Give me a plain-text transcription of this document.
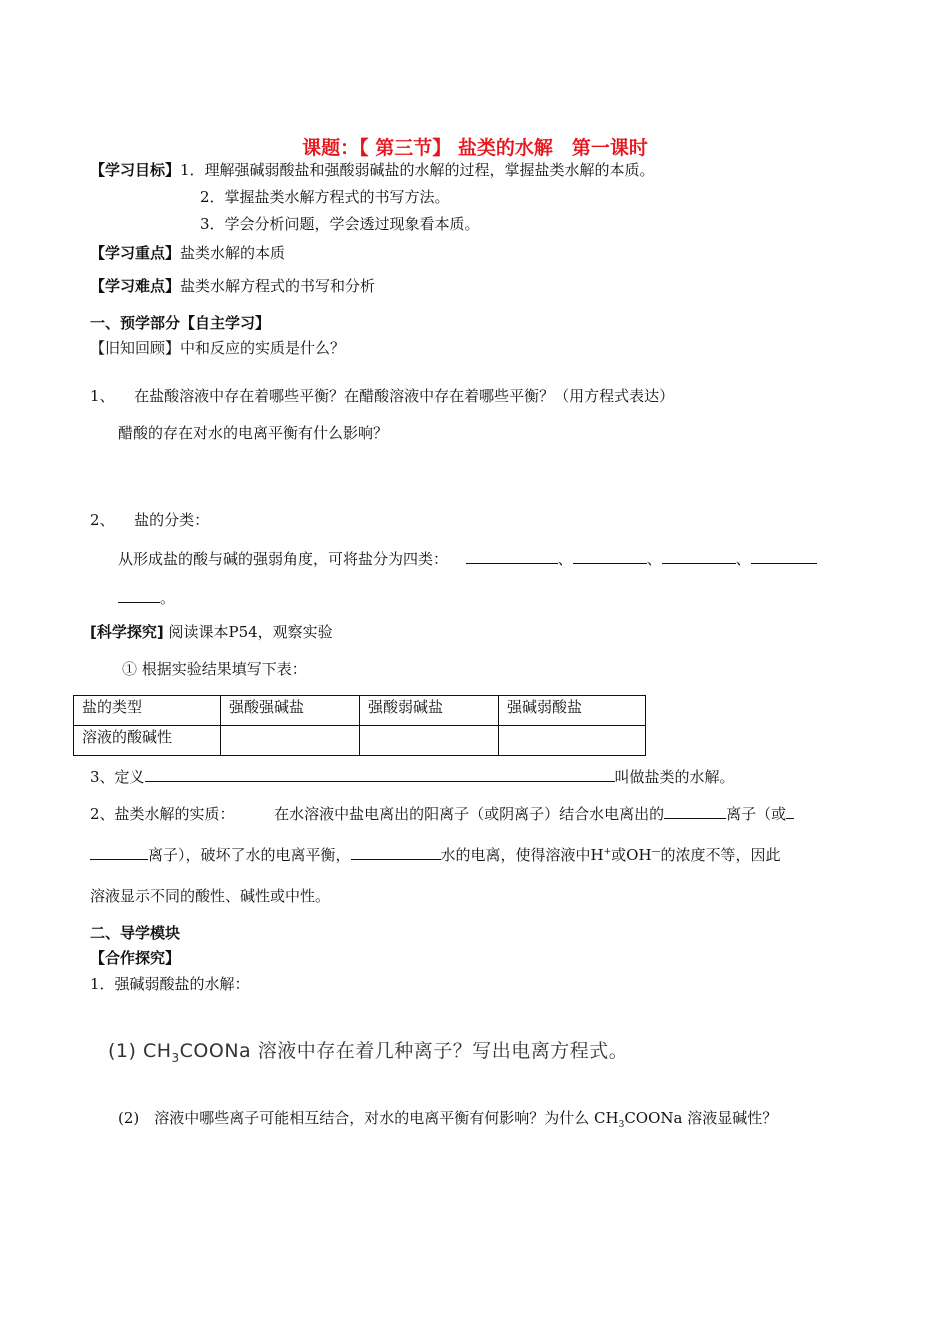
课题：【 第三节】 盐类的水解　第一课时
【学习目标】1．理解强碱弱酸盐和强酸弱碱盐的水解的过程，掌握盐类水解的本质。
2．掌握盐类水解方程式的书写方法。
3．学会分析问题，学会透过现象看本质。
【学习重点】盐类水解的本质
【学习难点】盐类水解方程式的书写和分析
一、预学部分【自主学习】
【旧知回顾】中和反应的实质是什么？
1、 在盐酸溶液中存在着哪些平衡？在醋酸溶液中存在着哪些平衡？（用方程式表达）
醋酸的存在对水的电离平衡有什么影响？
2、 盐的分类：
从形成盐的酸与碱的强弱角度，可将盐分为四类：	、	、	、
。
[科学探究] 阅读课本P54，观察实验
① 根据实验结果填写下表：
盐的类型	强酸强碱盐	强酸弱碱盐	强碱弱酸盐
溶液的酸碱性			
3、定义	叫做盐类的水解。
2、盐类水解的实质：	在水溶液中盐电离出的阳离子（或阴离子）结合水电离出的	离子（或
离子），破坏了水的电离平衡，	水的电离，使得溶液中H+或OH—的浓度不等，因此
溶液显示不同的酸性、碱性或中性。
二、导学模块
【合作探究】
1．强碱弱酸盐的水解：
(1) $CH_3COONa$ 溶液中存在着几种离子？写出电离方程式。
(2)　溶液中哪些离子可能相互结合，对水的电离平衡有何影响？为什么 $CH_3COONa$ 溶液显碱性？
